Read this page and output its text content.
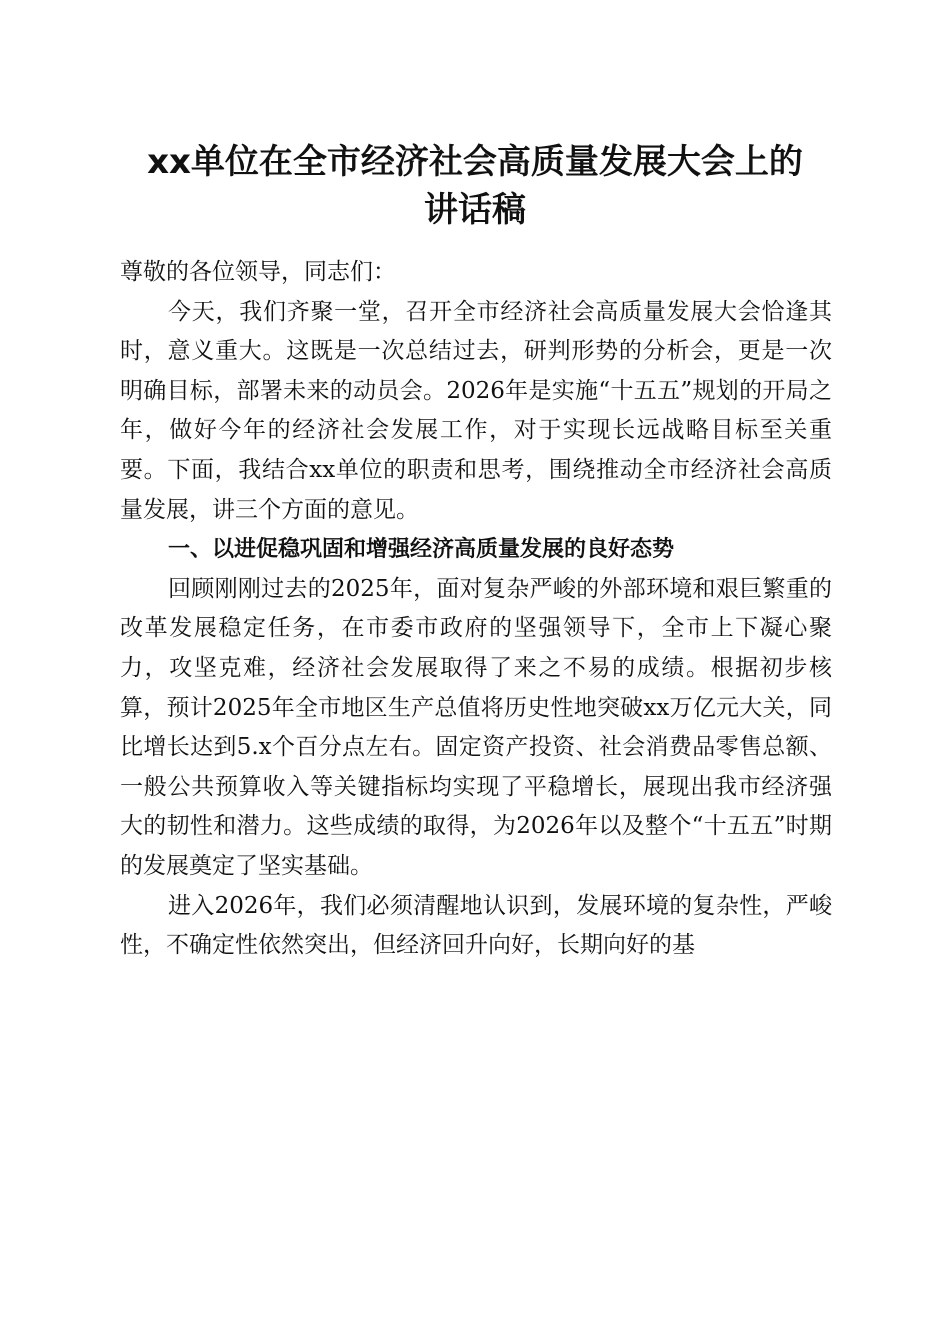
xx单位在全市经济社会高质量发展大会上的
讲话稿

尊敬的各位领导，同志们：

今天，我们齐聚一堂，召开全市经济社会高质量发展大会恰逢其时，意义重大。这既是一次总结过去，研判形势的分析会，更是一次明确目标，部署未来的动员会。2026年是实施“十五五”规划的开局之年，做好今年的经济社会发展工作，对于实现长远战略目标至关重要。下面，我结合xx单位的职责和思考，围绕推动全市经济社会高质量发展，讲三个方面的意见。

一、以进促稳巩固和增强经济高质量发展的良好态势

回顾刚刚过去的2025年，面对复杂严峻的外部环境和艰巨繁重的改革发展稳定任务，在市委市政府的坚强领导下，全市上下凝心聚力，攻坚克难，经济社会发展取得了来之不易的成绩。根据初步核算，预计2025年全市地区生产总值将历史性地突破xx万亿元大关，同比增长达到5.x个百分点左右。固定资产投资、社会消费品零售总额、一般公共预算收入等关键指标均实现了平稳增长，展现出我市经济强大的韧性和潜力。这些成绩的取得，为2026年以及整个“十五五”时期的发展奠定了坚实基础。

进入2026年，我们必须清醒地认识到，发展环境的复杂性，严峻性，不确定性依然突出，但经济回升向好，长期向好的基
